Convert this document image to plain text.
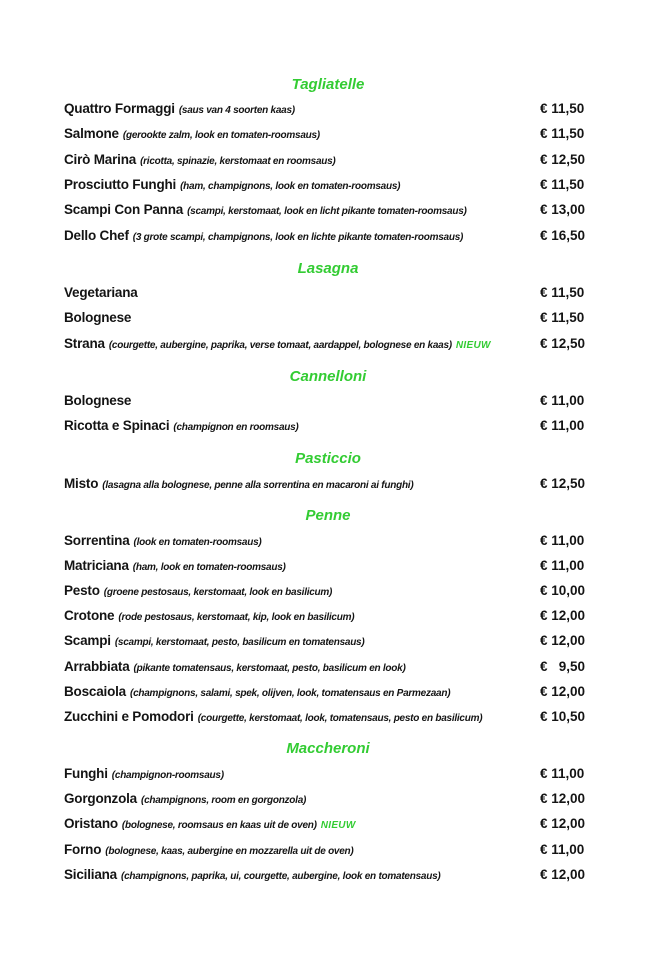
Tagliatelle
Quattro Formaggi (saus van 4 soorten kaas)	€ 11,50
Salmone (gerookte zalm, look en tomaten-roomsaus)	€ 11,50
Cirò Marina (ricotta, spinazie, kerstomaat en roomsaus)	€ 12,50
Prosciutto Funghi (ham, champignons, look en tomaten-roomsaus)	€ 11,50
Scampi Con Panna (scampi, kerstomaat, look en licht pikante tomaten-roomsaus)	€ 13,00
Dello Chef (3 grote scampi, champignons, look en lichte pikante tomaten-roomsaus)	€ 16,50
Lasagna
Vegetariana	€ 11,50
Bolognese	€ 11,50
Strana (courgette, aubergine, paprika, verse tomaat, aardappel, bolognese en kaas) NIEUW	€ 12,50
Cannelloni
Bolognese	€ 11,00
Ricotta e Spinaci (champignon en roomsaus)	€ 11,00
Pasticcio
Misto (lasagna alla bolognese, penne alla sorrentina en macaroni ai funghi)	€ 12,50
Penne
Sorrentina (look en tomaten-roomsaus)	€ 11,00
Matriciana (ham, look en tomaten-roomsaus)	€ 11,00
Pesto (groene pestosaus, kerstomaat, look en basilicum)	€ 10,00
Crotone (rode pestosaus, kerstomaat, kip, look en basilicum)	€ 12,00
Scampi (scampi, kerstomaat, pesto, basilicum en tomatensaus)	€ 12,00
Arrabbiata (pikante tomatensaus, kerstomaat, pesto, basilicum en look)	€   9,50
Boscaiola (champignons, salami, spek, olijven, look, tomatensaus en Parmezaan)	€ 12,00
Zucchini e Pomodori (courgette, kerstomaat, look, tomatensaus, pesto en basilicum)	€ 10,50
Maccheroni
Funghi (champignon-roomsaus)	€ 11,00
Gorgonzola (champignons, room en gorgonzola)	€ 12,00
Oristano (bolognese, roomsaus en kaas uit de oven) NIEUW	€ 12,00
Forno (bolognese, kaas, aubergine en mozzarella uit de oven)	€ 11,00
Siciliana (champignons, paprika, ui, courgette, aubergine, look en tomatensaus)	€ 12,00
